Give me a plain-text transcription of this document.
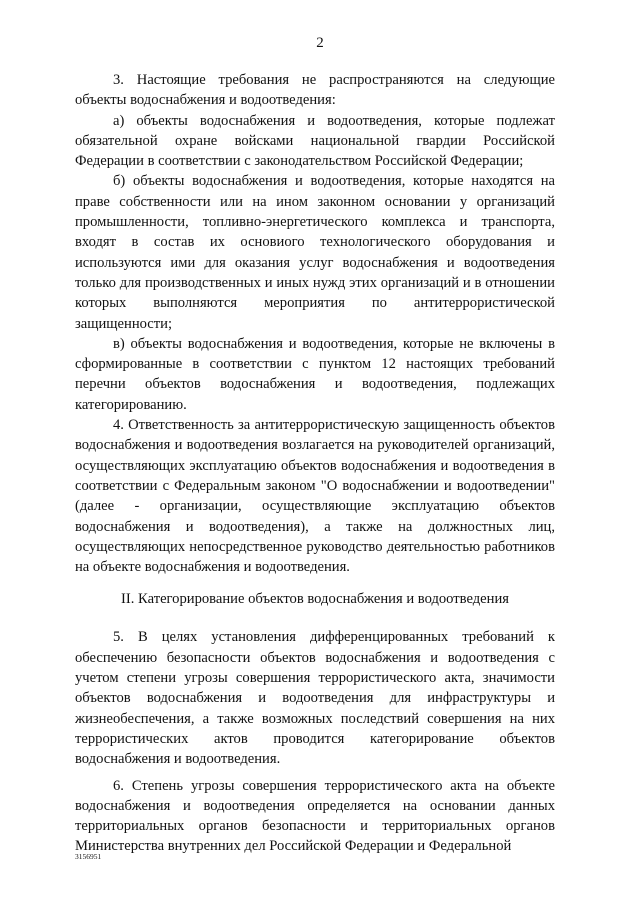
2

3. Настоящие требования не распространяются на следующие объекты водоснабжения и водоотведения:

а) объекты водоснабжения и водоотведения, которые подлежат обязательной охране войсками национальной гвардии Российской Федерации в соответствии с законодательством Российской Федерации;

б) объекты водоснабжения и водоотведения, которые находятся на праве собственности или на ином законном основании у организаций промышленности, топливно-энергетического комплекса и транспорта, входят в состав их основиого технологического оборудования и используются ими для оказания услуг водоснабжения и водоотведения только для производственных и иных нужд этих организаций и в отношении которых выполняются мероприятия по антитеррористической защищенности;

в) объекты водоснабжения и водоотведения, которые не включены в сформированные в соответствии с пунктом 12 настоящих требований перечни объектов водоснабжения и водоотведения, подлежащих категорированию.

4. Ответственность за антитеррористическую защищенность объектов водоснабжения и водоотведения возлагается на руководителей организаций, осуществляющих эксплуатацию объектов водоснабжения и водоотведения в соответствии с Федеральным законом "О водоснабжении и водоотведении" (далее - организации, осуществляющие эксплуатацию объектов водоснабжения и водоотведения), а также на должностных лиц, осуществляющих непосредственное руководство деятельностью работников на объекте водоснабжения и водоотведения.

II. Категорирование объектов водоснабжения и водоотведения

5. В целях установления дифференцированных требований к обеспечению безопасности объектов водоснабжения и водоотведения с учетом степени угрозы совершения террористического акта, значимости объектов водоснабжения и водоотведения для инфраструктуры и жизнеобеспечения, а также возможных последствий совершения на них террористических актов проводится категорирование объектов водоснабжения и водоотведения.

6. Степень угрозы совершения террористического акта на объекте водоснабжения и водоотведения определяется на основании данных территориальных органов безопасности и территориальных органов Министерства внутренних дел Российской Федерации и Федеральной

3156951
